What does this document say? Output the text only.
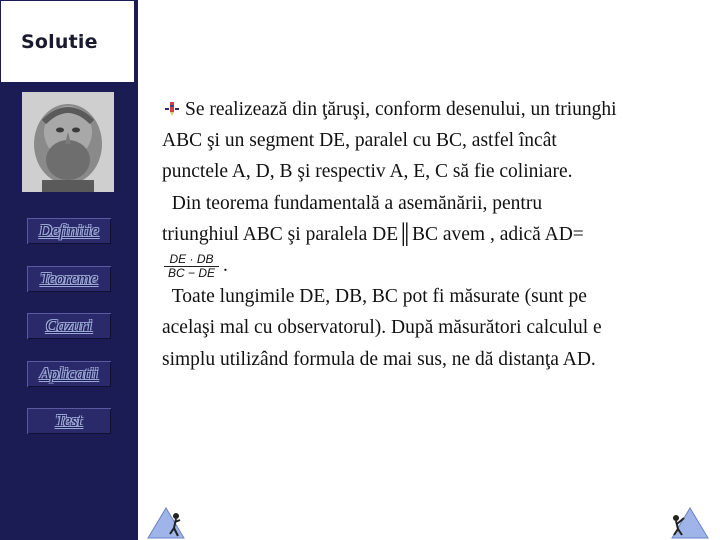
Solutie
Definitie
Teoreme
Cazuri
Aplicatii
Test

Se realizează din ţăruşi, conform desenului, un triunghi ABC şi un segment DE, paralel cu BC, astfel încât punctele A, D, B şi respectiv A, E, C să fie coliniare.

Din teorema fundamentală a asemănării, pentru triunghiul ABC şi paralela DE║BC avem , adică AD=
$\frac{DE \cdot DB}{BC - DE}$ .

Toate lungimile DE, DB, BC pot fi măsurate (sunt pe acelaşi mal cu observatorul). După măsurători calculul e simplu utilizând formula de mai sus, ne dă distanţa AD.
